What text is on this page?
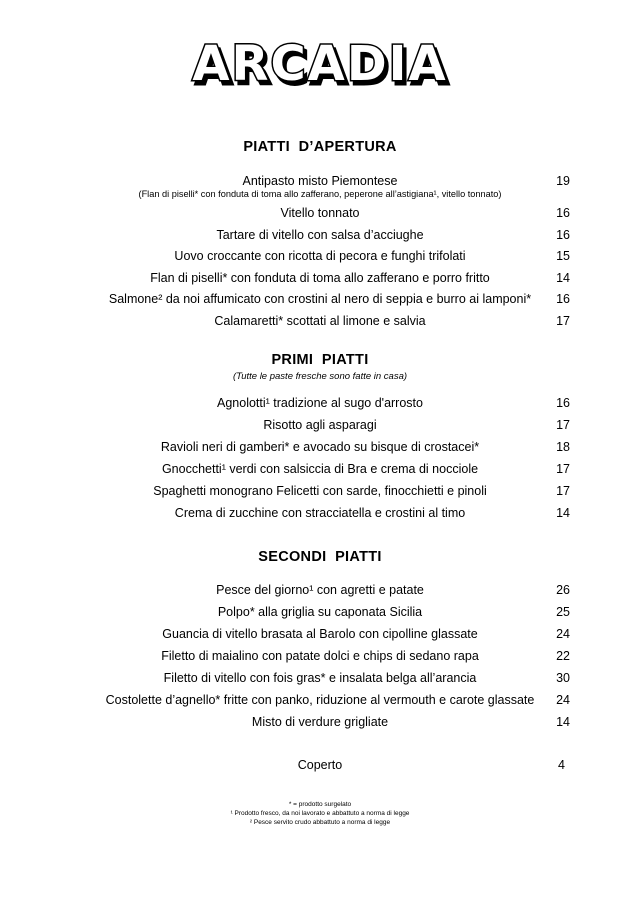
ARCADIA
PIATTI  D’APERTURA
Antipasto misto Piemontese	19
(Flan di piselli* con fonduta di toma allo zafferano, peperone all’astigiana¹, vitello tonnato)
Vitello tonnato	16
Tartare di vitello con salsa d’acciughe	16
Uovo croccante con ricotta di pecora e funghi trifolati	15
Flan di piselli* con fonduta di toma allo zafferano e porro fritto	14
Salmone² da noi affumicato con crostini al nero di seppia e burro ai lamponi*	16
Calamaretti* scottati al limone e salvia	17
PRIMI  PIATTI
(Tutte le paste fresche sono fatte in casa)
Agnolotti¹ tradizione al sugo d'arrosto	16
Risotto agli asparagi	17
Ravioli neri di gamberi* e avocado su bisque di crostacei*	18
Gnocchetti¹ verdi con salsiccia di Bra e crema di nocciole	17
Spaghetti monograno Felicetti con sarde, finocchietti e pinoli	17
Crema di zucchine con stracciatella e crostini al timo	14
SECONDI  PIATTI
Pesce del giorno¹ con agretti e patate	26
Polpo* alla griglia su caponata Sicilia	25
Guancia di vitello brasata al Barolo con cipolline glassate	24
Filetto di maialino con patate dolci e chips di sedano rapa	22
Filetto di vitello con fois gras* e insalata belga all’arancia	30
Costolette d’agnello* fritte con panko, riduzione al vermouth e carote glassate	24
Misto di verdure grigliate	14
Coperto	4
* = prodotto surgelato
¹ Prodotto fresco, da noi lavorato e abbattuto a norma di legge
² Pesce servito crudo abbattuto a norma di legge
